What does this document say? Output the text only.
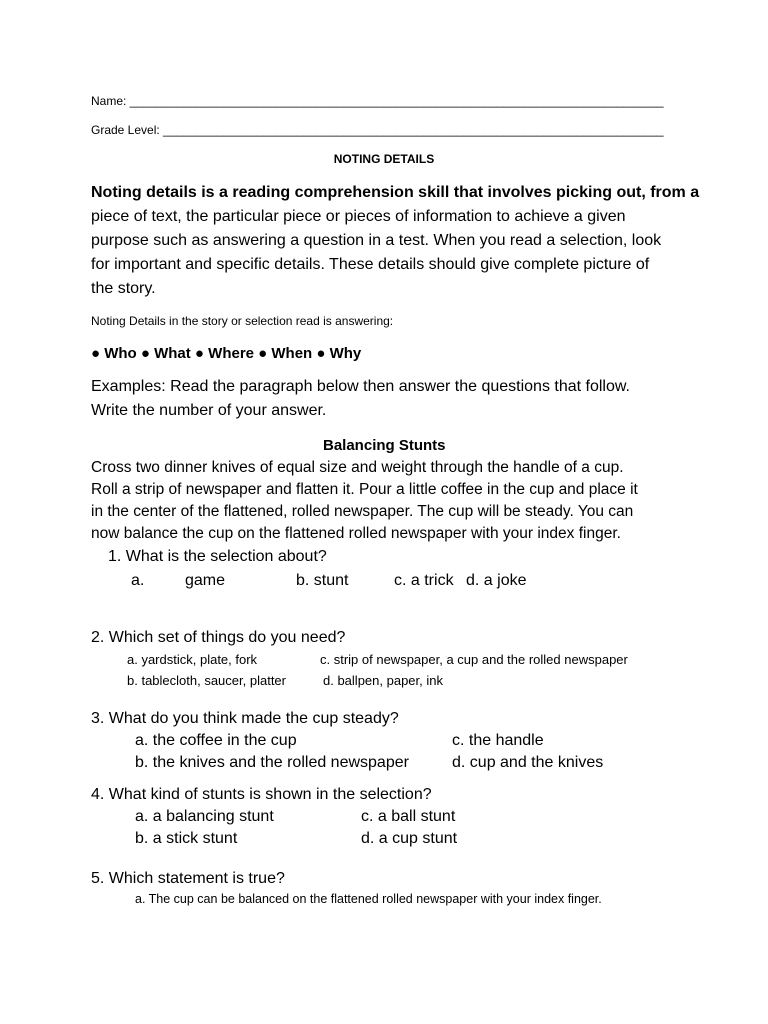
Name: ________________________________________________________________________________
Grade Level: ___________________________________________________________________________
NOTING DETAILS
Noting details is a reading comprehension skill that involves picking out, from a
piece of text, the particular piece or pieces of information to achieve a given
purpose such as answering a question in a test. When you read a selection, look
for important and specific details. These details should give complete picture of
the story.
Noting Details in the story or selection read is answering:
● Who ● What ● Where ● When ● Why
Examples: Read the paragraph below then answer the questions that follow.
Write the number of your answer.
Balancing Stunts
Cross two dinner knives of equal size and weight through the handle of a cup.
Roll a strip of newspaper and flatten it. Pour a little coffee in the cup and place it
in the center of the flattened, rolled newspaper. The cup will be steady. You can
now balance the cup on the flattened rolled newspaper with your index finger.
1. What is the selection about?
a.	game	b. stunt	c. a trick d. a joke
2. Which set of things do you need?
a. yardstick, plate, fork	c. strip of newspaper, a cup and the rolled newspaper
b. tablecloth, saucer, platter	d. ballpen, paper, ink
3. What do you think made the cup steady?
a. the coffee in the cup	c. the handle
b. the knives and the rolled newspaper	d. cup and the knives
4. What kind of stunts is shown in the selection?
a. a balancing stunt	c. a ball stunt
b. a stick stunt	d. a cup stunt
5. Which statement is true?
a. The cup can be balanced on the flattened rolled newspaper with your index finger.
